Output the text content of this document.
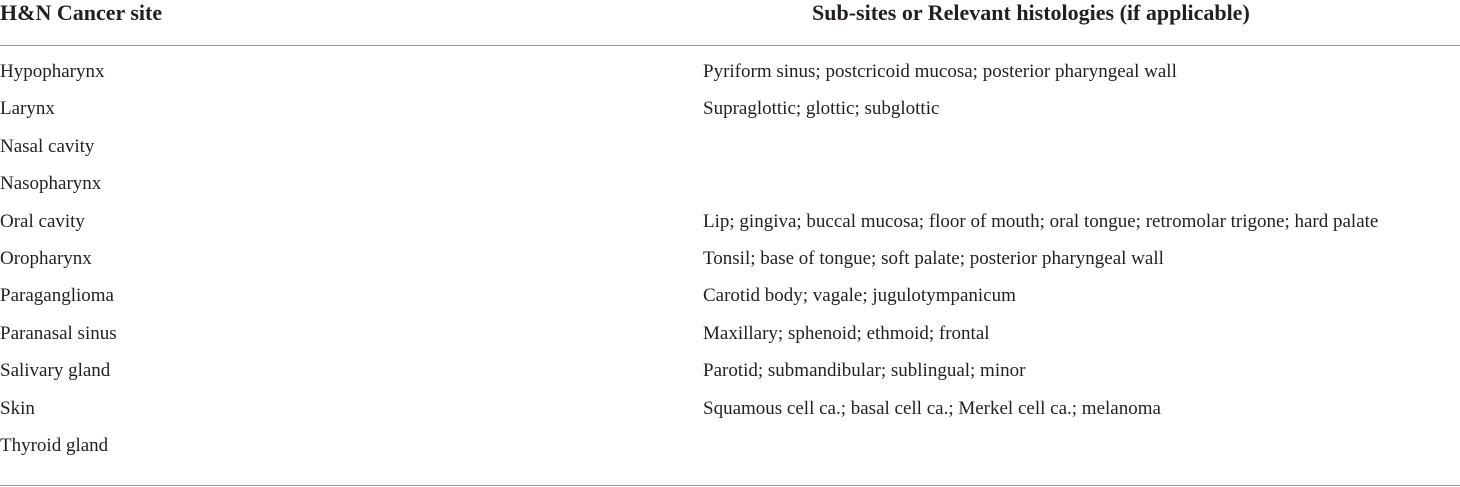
H&N Cancer site	Sub-sites or Relevant histologies (if applicable)
Hypopharynx	Pyriform sinus; postcricoid mucosa; posterior pharyngeal wall
Larynx	Supraglottic; glottic; subglottic
Nasal cavity
Nasopharynx
Oral cavity	Lip; gingiva; buccal mucosa; floor of mouth; oral tongue; retromolar trigone; hard palate
Oropharynx	Tonsil; base of tongue; soft palate; posterior pharyngeal wall
Paraganglioma	Carotid body; vagale; jugulotympanicum
Paranasal sinus	Maxillary; sphenoid; ethmoid; frontal
Salivary gland	Parotid; submandibular; sublingual; minor
Skin	Squamous cell ca.; basal cell ca.; Merkel cell ca.; melanoma
Thyroid gland
